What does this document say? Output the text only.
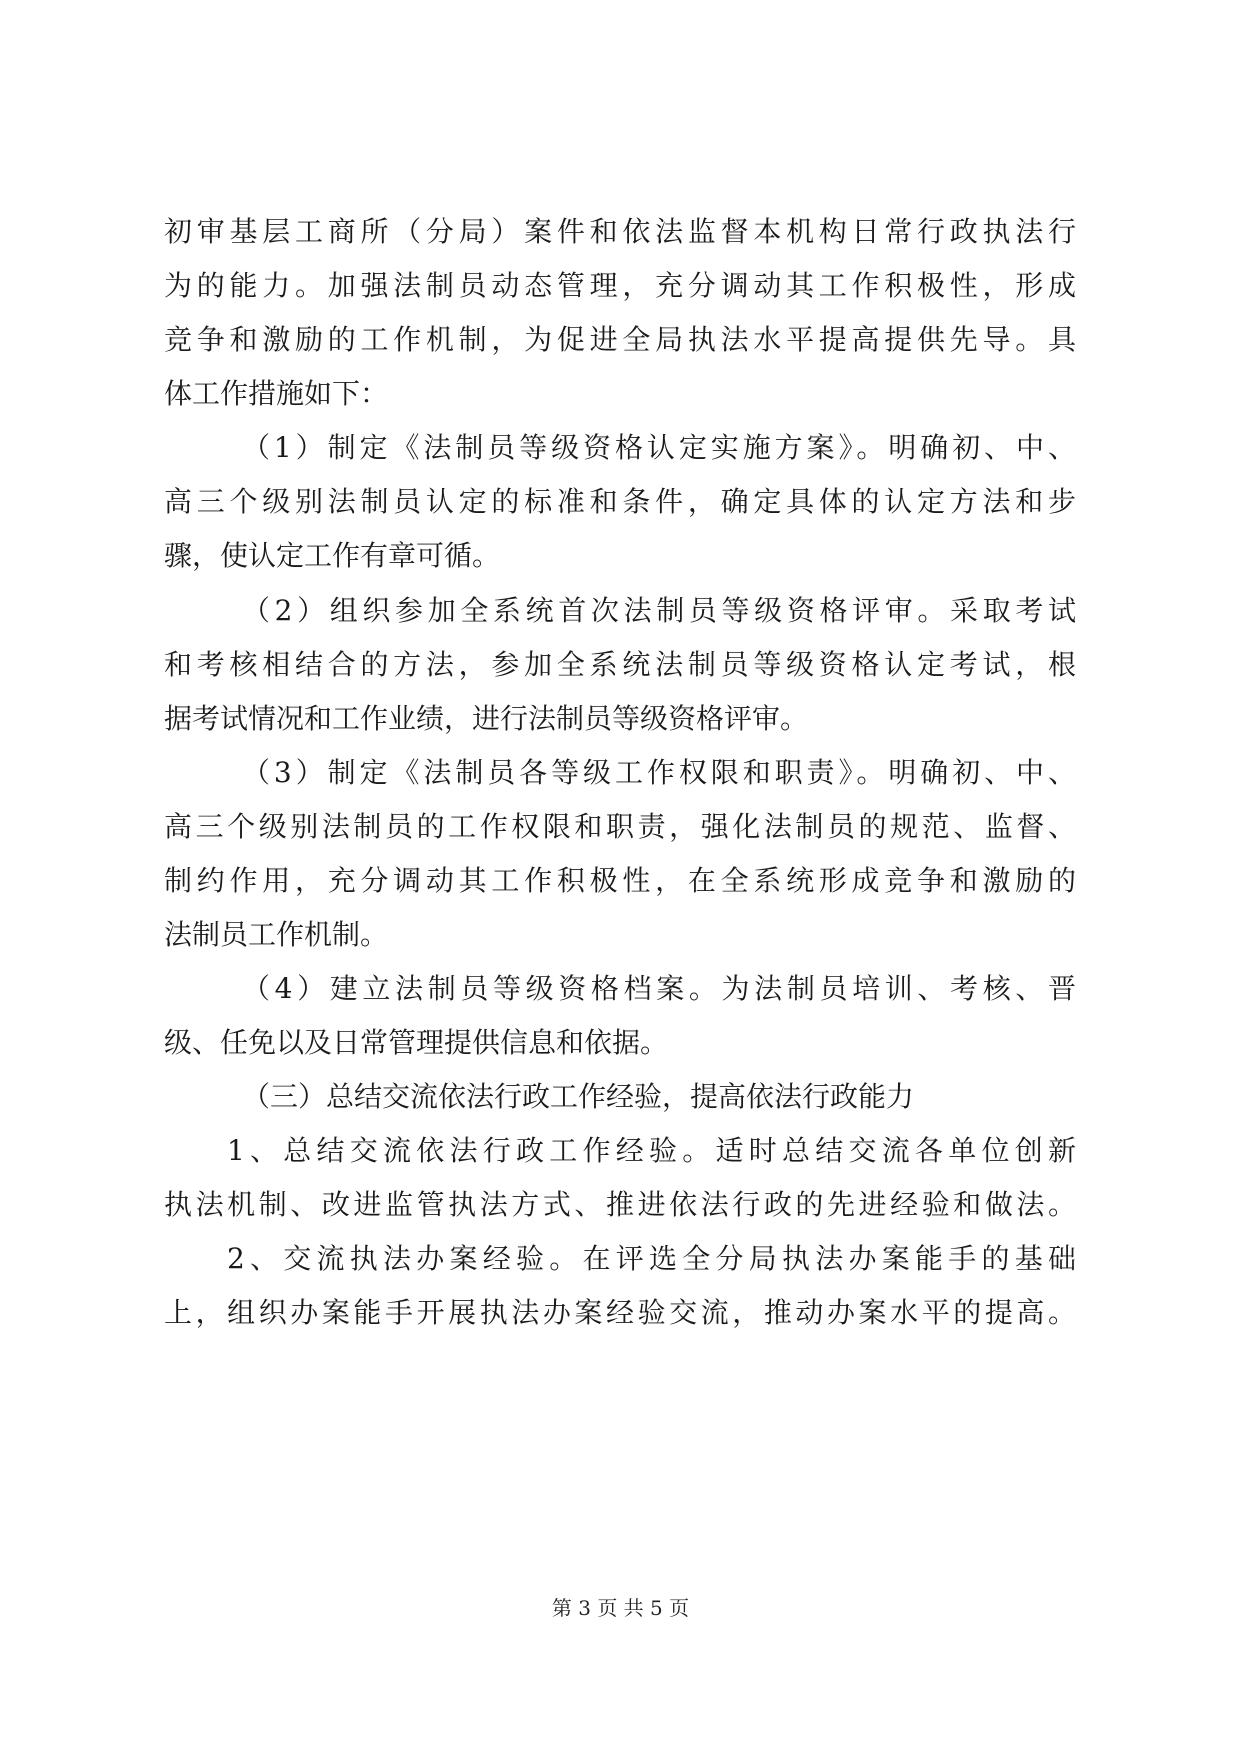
初审基层工商所（分局）案件和依法监督本机构日常行政执法行
为的能力。加强法制员动态管理，充分调动其工作积极性，形成
竞争和激励的工作机制，为促进全局执法水平提高提供先导。具
体工作措施如下：
（1）制定《法制员等级资格认定实施方案》。明确初、中、
高三个级别法制员认定的标准和条件，确定具体的认定方法和步
骤，使认定工作有章可循。
（2）组织参加全系统首次法制员等级资格评审。采取考试
和考核相结合的方法，参加全系统法制员等级资格认定考试，根
据考试情况和工作业绩，进行法制员等级资格评审。
（3）制定《法制员各等级工作权限和职责》。明确初、中、
高三个级别法制员的工作权限和职责，强化法制员的规范、监督、
制约作用，充分调动其工作积极性，在全系统形成竞争和激励的
法制员工作机制。
（4）建立法制员等级资格档案。为法制员培训、考核、晋
级、任免以及日常管理提供信息和依据。
（三）总结交流依法行政工作经验，提高依法行政能力
1、总结交流依法行政工作经验。适时总结交流各单位创新
执法机制、改进监管执法方式、推进依法行政的先进经验和做法。
2、交流执法办案经验。在评选全分局执法办案能手的基础
上，组织办案能手开展执法办案经验交流，推动办案水平的提高。
第 3 页 共 5 页
